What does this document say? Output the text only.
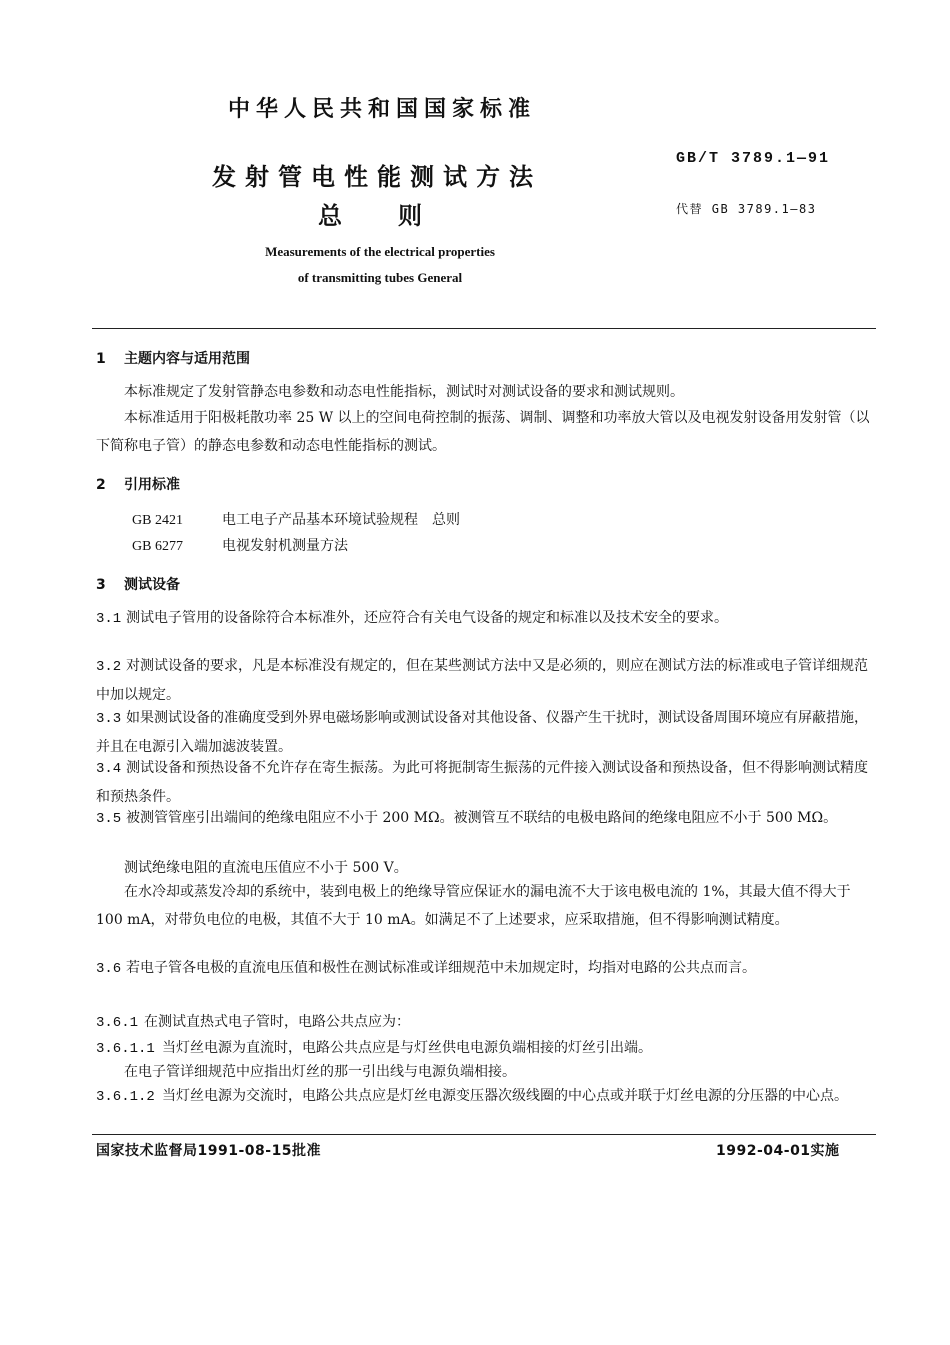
中华人民共和国国家标准
发射管电性能测试方法
总 则
GB/T 3789.1—91
代替 GB 3789.1—83
Measurements of the electrical properties
of transmitting tubes General
1 主题内容与适用范围
本标准规定了发射管静态电参数和动态电性能指标，测试时对测试设备的要求和测试规则。
本标准适用于阳极耗散功率 25 W 以上的空间电荷控制的振荡、调制、调整和功率放大管以及电视发射设备用发射管（以下简称电子管）的静态电参数和动态电性能指标的测试。
2 引用标准
GB 2421	电工电子产品基本环境试验规程　总则
GB 6277	电视发射机测量方法
3 测试设备
3.1 测试电子管用的设备除符合本标准外，还应符合有关电气设备的规定和标准以及技术安全的要求。
3.2 对测试设备的要求，凡是本标准没有规定的，但在某些测试方法中又是必须的，则应在测试方法的标准或电子管详细规范中加以规定。
3.3 如果测试设备的准确度受到外界电磁场影响或测试设备对其他设备、仪器产生干扰时，测试设备周围环境应有屏蔽措施，并且在电源引入端加滤波装置。
3.4 测试设备和预热设备不允许存在寄生振荡。为此可将扼制寄生振荡的元件接入测试设备和预热设备，但不得影响测试精度和预热条件。
3.5 被测管管座引出端间的绝缘电阻应不小于 200 MΩ。被测管互不联结的电极电路间的绝缘电阻应不小于 500 MΩ。
测试绝缘电阻的直流电压值应不小于 500 V。
在水冷却或蒸发冷却的系统中，装到电极上的绝缘导管应保证水的漏电流不大于该电极电流的 1%，其最大值不得大于 100 mA，对带负电位的电极，其值不大于 10 mA。如满足不了上述要求，应采取措施，但不得影响测试精度。
3.6 若电子管各电极的直流电压值和极性在测试标准或详细规范中未加规定时，均指对电路的公共点而言。
3.6.1 在测试直热式电子管时，电路公共点应为：
3.6.1.1 当灯丝电源为直流时，电路公共点应是与灯丝供电电源负端相接的灯丝引出端。
在电子管详细规范中应指出灯丝的那一引出线与电源负端相接。
3.6.1.2 当灯丝电源为交流时，电路公共点应是灯丝电源变压器次级线圈的中心点或并联于灯丝电源的分压器的中心点。
国家技术监督局1991-08-15批准	1992-04-01实施
